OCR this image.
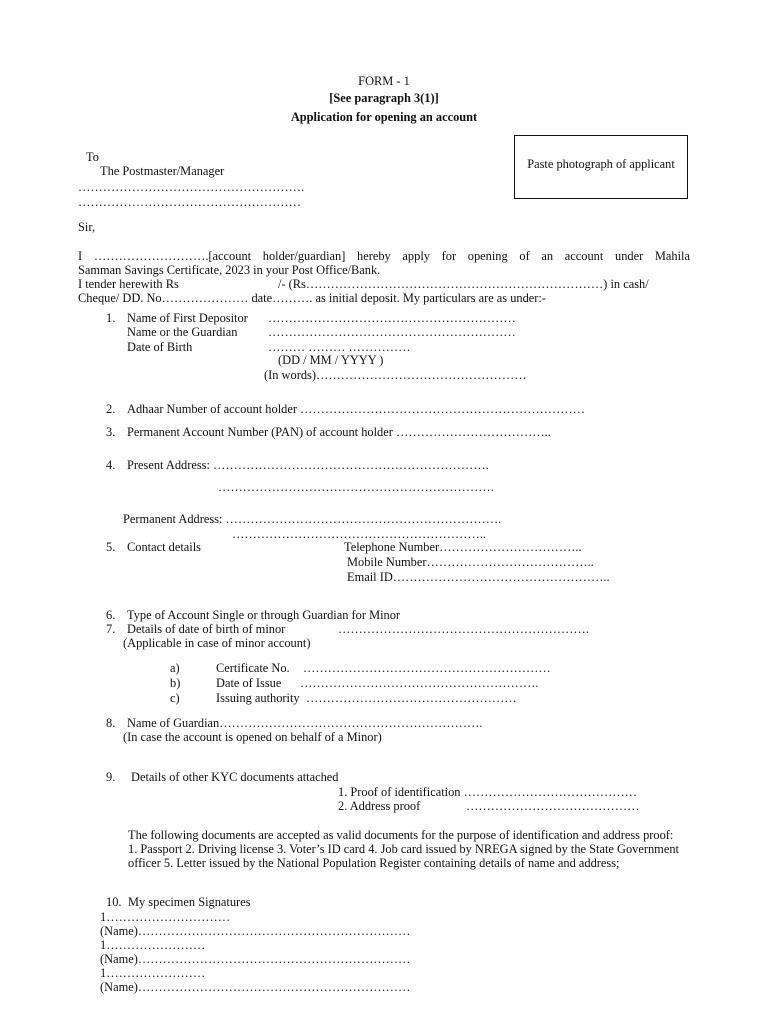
FORM - 1
[See paragraph 3(1)]
Application for opening an account
Paste photograph of applicant
To
The Postmaster/Manager
……………………………………………….
………………………………………………
Sir,
I ……………………….[account holder/guardian] hereby apply for opening of an account under Mahila
Samman Savings Certificate, 2023 in your Post Office/Bank.
I tender herewith Rs	/- (Rs………………………………………………………………) in cash/
Cheque/ DD. No………………… date………. as initial deposit. My particulars are as under:-
1. Name of First Depositor ……………………………………………………
Name or the Guardian ……………………………………………………
Date of Birth	……… ……… ……………
(DD / MM / YYYY )
(In words)……………………………………………
2. Adhaar Number of account holder ……………………………………………………………
3. Permanent Account Number (PAN) of account holder ………………………………..
4. Present Address: ………………………………………………………….
………………………………………………………….
Permanent Address: ………………………………………………………….
……………………………………………………..
5. Contact details	Telephone Number……………………………..
Mobile Number…………………………………..
Email ID……………………………………………..
6. Type of Account Single or through Guardian for Minor
7. Details of date of birth of minor	…………………………………………………….
(Applicable in case of minor account)
a)	Certificate No. ……………………………………………………
b)	Date of Issue ………………………………………………….
c)	Issuing authority ……………………………………………
8. Name of Guardian……………………………………………………….
(In case the account is opened on behalf of a Minor)
9. Details of other KYC documents attached
1. Proof of identification ……………………………………
2. Address proof	……………………………………
The following documents are accepted as valid documents for the purpose of identification and address proof:
1. Passport 2. Driving license 3. Voter’s ID card 4. Job card issued by NREGA signed by the State Government
officer 5. Letter issued by the National Population Register containing details of name and address;
10. My specimen Signatures
1…………………………
(Name)…………………………………………………………
1……………………
(Name)…………………………………………………………
1……………………
(Name)…………………………………………………………
